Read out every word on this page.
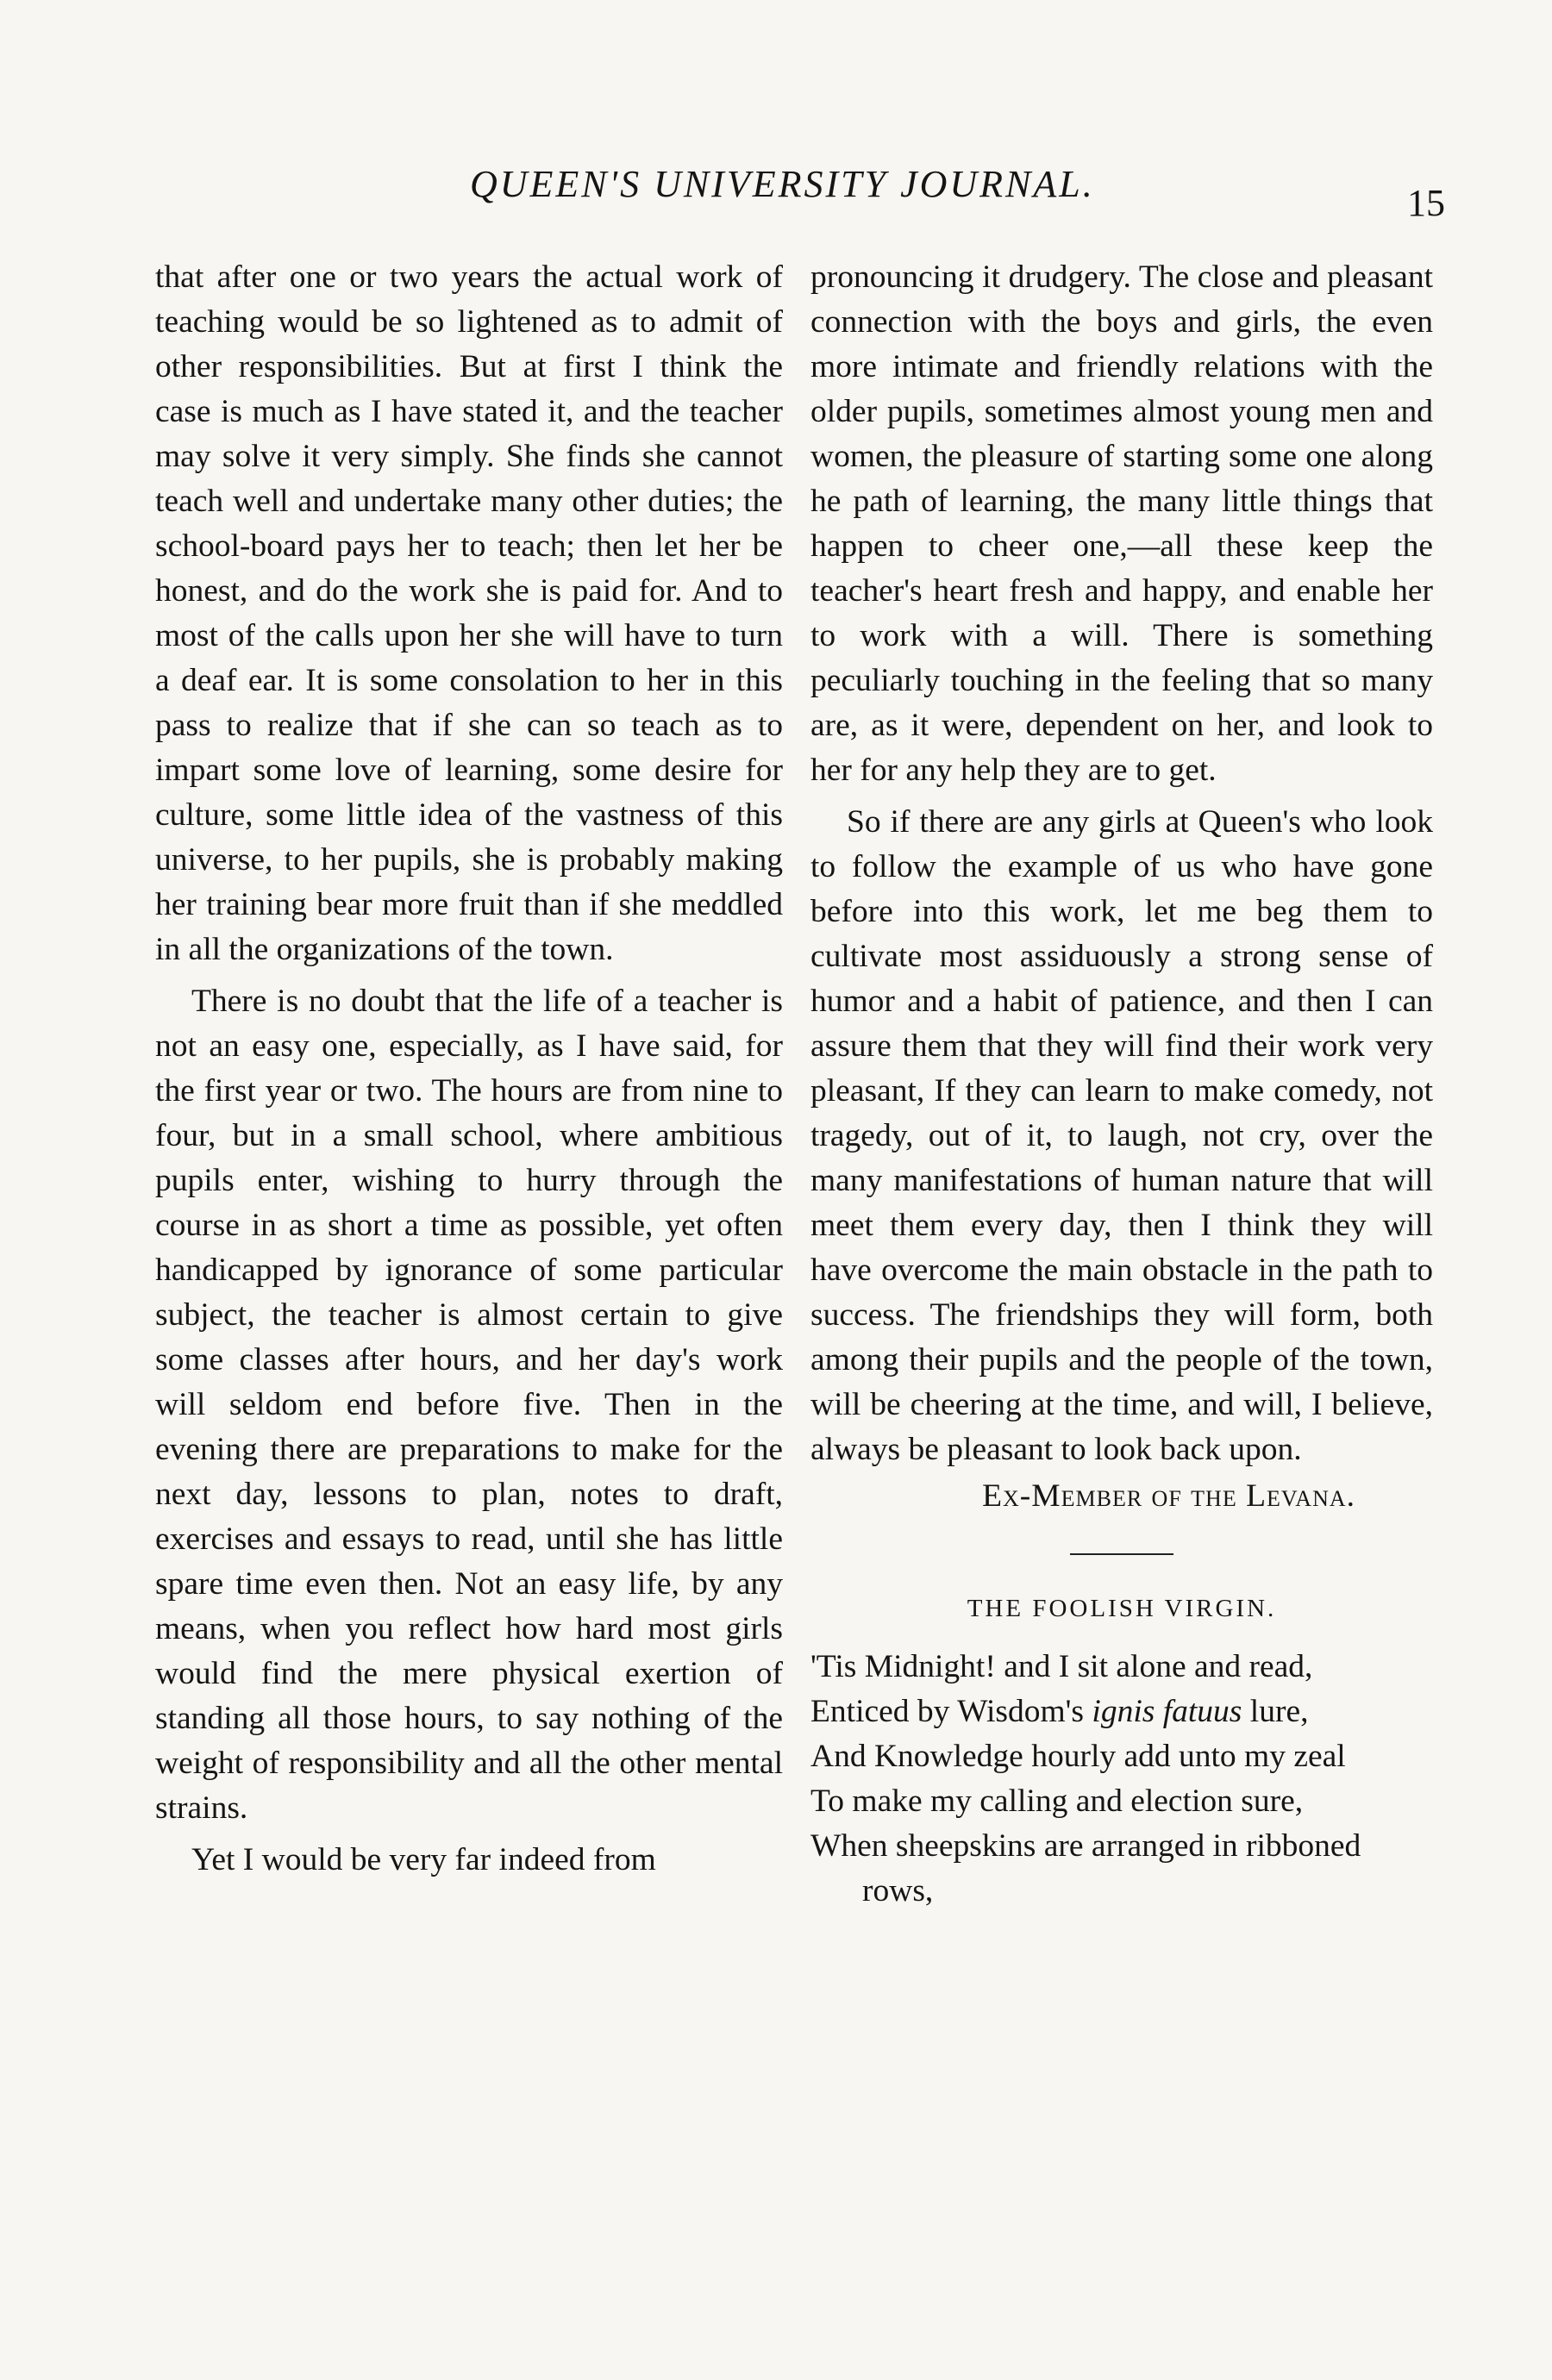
QUEEN'S UNIVERSITY JOURNAL.	15

that after one or two years the actual work of teaching would be so lightened as to admit of other responsibilities. But at first I think the case is much as I have stated it, and the teacher may solve it very simply. She finds she cannot teach well and undertake many other duties; the school-board pays her to teach; then let her be honest, and do the work she is paid for. And to most of the calls upon her she will have to turn a deaf ear. It is some consolation to her in this pass to realize that if she can so teach as to impart some love of learning, some desire for culture, some little idea of the vastness of this universe, to her pupils, she is probably making her training bear more fruit than if she meddled in all the organizations of the town.

There is no doubt that the life of a teacher is not an easy one, especially, as I have said, for the first year or two. The hours are from nine to four, but in a small school, where ambitious pupils enter, wishing to hurry through the course in as short a time as possible, yet often handicapped by ignorance of some particular subject, the teacher is almost certain to give some classes after hours, and her day's work will seldom end before five. Then in the evening there are preparations to make for the next day, lessons to plan, notes to draft, exercises and essays to read, until she has little spare time even then. Not an easy life, by any means, when you reflect how hard most girls would find the mere physical exertion of standing all those hours, to say nothing of the weight of responsibility and all the other mental strains.

Yet I would be very far indeed from

pronouncing it drudgery. The close and pleasant connection with the boys and girls, the even more intimate and friendly relations with the older pupils, sometimes almost young men and women, the pleasure of starting some one along he path of learning, the many little things that happen to cheer one,—all these keep the teacher's heart fresh and happy, and enable her to work with a will. There is something peculiarly touching in the feeling that so many are, as it were, dependent on her, and look to her for any help they are to get.

So if there are any girls at Queen's who look to follow the example of us who have gone before into this work, let me beg them to cultivate most assiduously a strong sense of humor and a habit of patience, and then I can assure them that they will find their work very pleasant, If they can learn to make comedy, not tragedy, out of it, to laugh, not cry, over the many manifestations of human nature that will meet them every day, then I think they will have overcome the main obstacle in the path to success. The friendships they will form, both among their pupils and the people of the town, will be cheering at the time, and will, I believe, always be pleasant to look back upon.

Ex-Member of the Levana.
THE FOOLISH VIRGIN.
'Tis Midnight! and I sit alone and read,
Enticed by Wisdom's ignis fatuus lure,
And Knowledge hourly add unto my zeal
To make my calling and election sure,
When sheepskins are arranged in ribboned rows,
